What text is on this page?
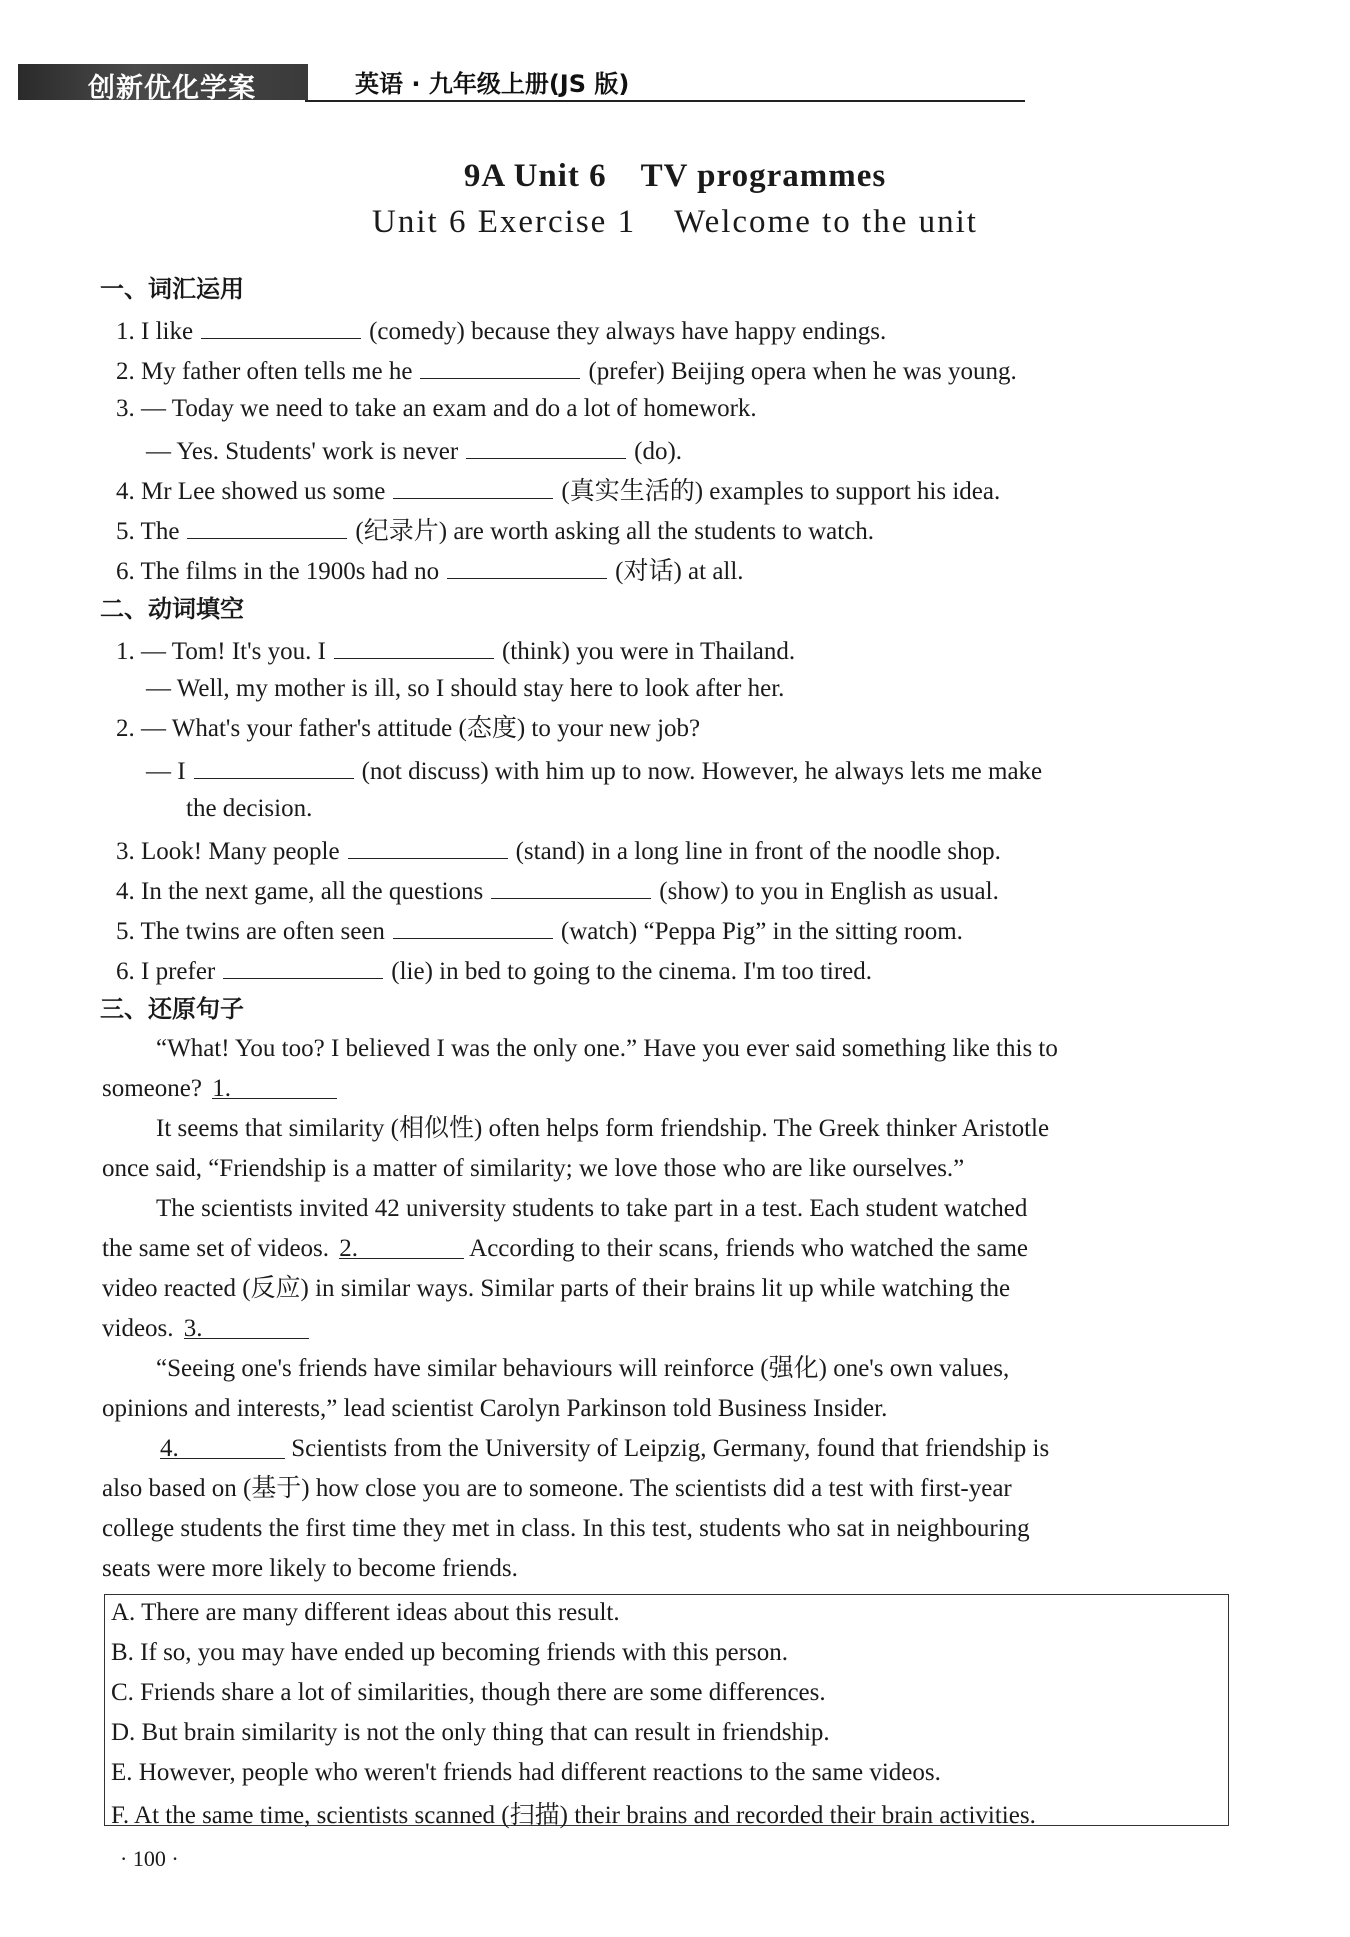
创新优化学案	英语 · 九年级上册(JS 版)
9A Unit 6 TV programmes
Unit 6 Exercise 1 Welcome to the unit
一、词汇运用
1. I like	(comedy) because they always have happy endings.
2. My father often tells me he	(prefer) Beijing opera when he was young.
3. — Today we need to take an exam and do a lot of homework.
— Yes. Students' work is never	(do).
4. Mr Lee showed us some	(真实生活的) examples to support his idea.
5. The	(纪录片) are worth asking all the students to watch.
6. The films in the 1900s had no	(对话) at all.
二、动词填空
1. — Tom! It's you. I	(think) you were in Thailand.
— Well, my mother is ill, so I should stay here to look after her.
2. — What's your father's attitude (态度) to your new job?
— I	(not discuss) with him up to now. However, he always lets me make
the decision.
3. Look! Many people	(stand) in a long line in front of the noodle shop.
4. In the next game, all the questions	(show) to you in English as usual.
5. The twins are often seen	(watch) “Peppa Pig” in the sitting room.
6. I prefer	(lie) in bed to going to the cinema. I'm too tired.
三、还原句子
“What! You too? I believed I was the only one.” Have you ever said something like this to
someone? 1.
It seems that similarity (相似性) often helps form friendship. The Greek thinker Aristotle
once said, “Friendship is a matter of similarity; we love those who are like ourselves.”
The scientists invited 42 university students to take part in a test. Each student watched
the same set of videos. 2.	According to their scans, friends who watched the same
video reacted (反应) in similar ways. Similar parts of their brains lit up while watching the
videos. 3.
“Seeing one's friends have similar behaviours will reinforce (强化) one's own values,
opinions and interests,” lead scientist Carolyn Parkinson told Business Insider.
4.	Scientists from the University of Leipzig, Germany, found that friendship is
also based on (基于) how close you are to someone. The scientists did a test with first-year
college students the first time they met in class. In this test, students who sat in neighbouring
seats were more likely to become friends.
A. There are many different ideas about this result.
B. If so, you may have ended up becoming friends with this person.
C. Friends share a lot of similarities, though there are some differences.
D. But brain similarity is not the only thing that can result in friendship.
E. However, people who weren't friends had different reactions to the same videos.
F. At the same time, scientists scanned (扫描) their brains and recorded their brain activities.
· 100 ·
